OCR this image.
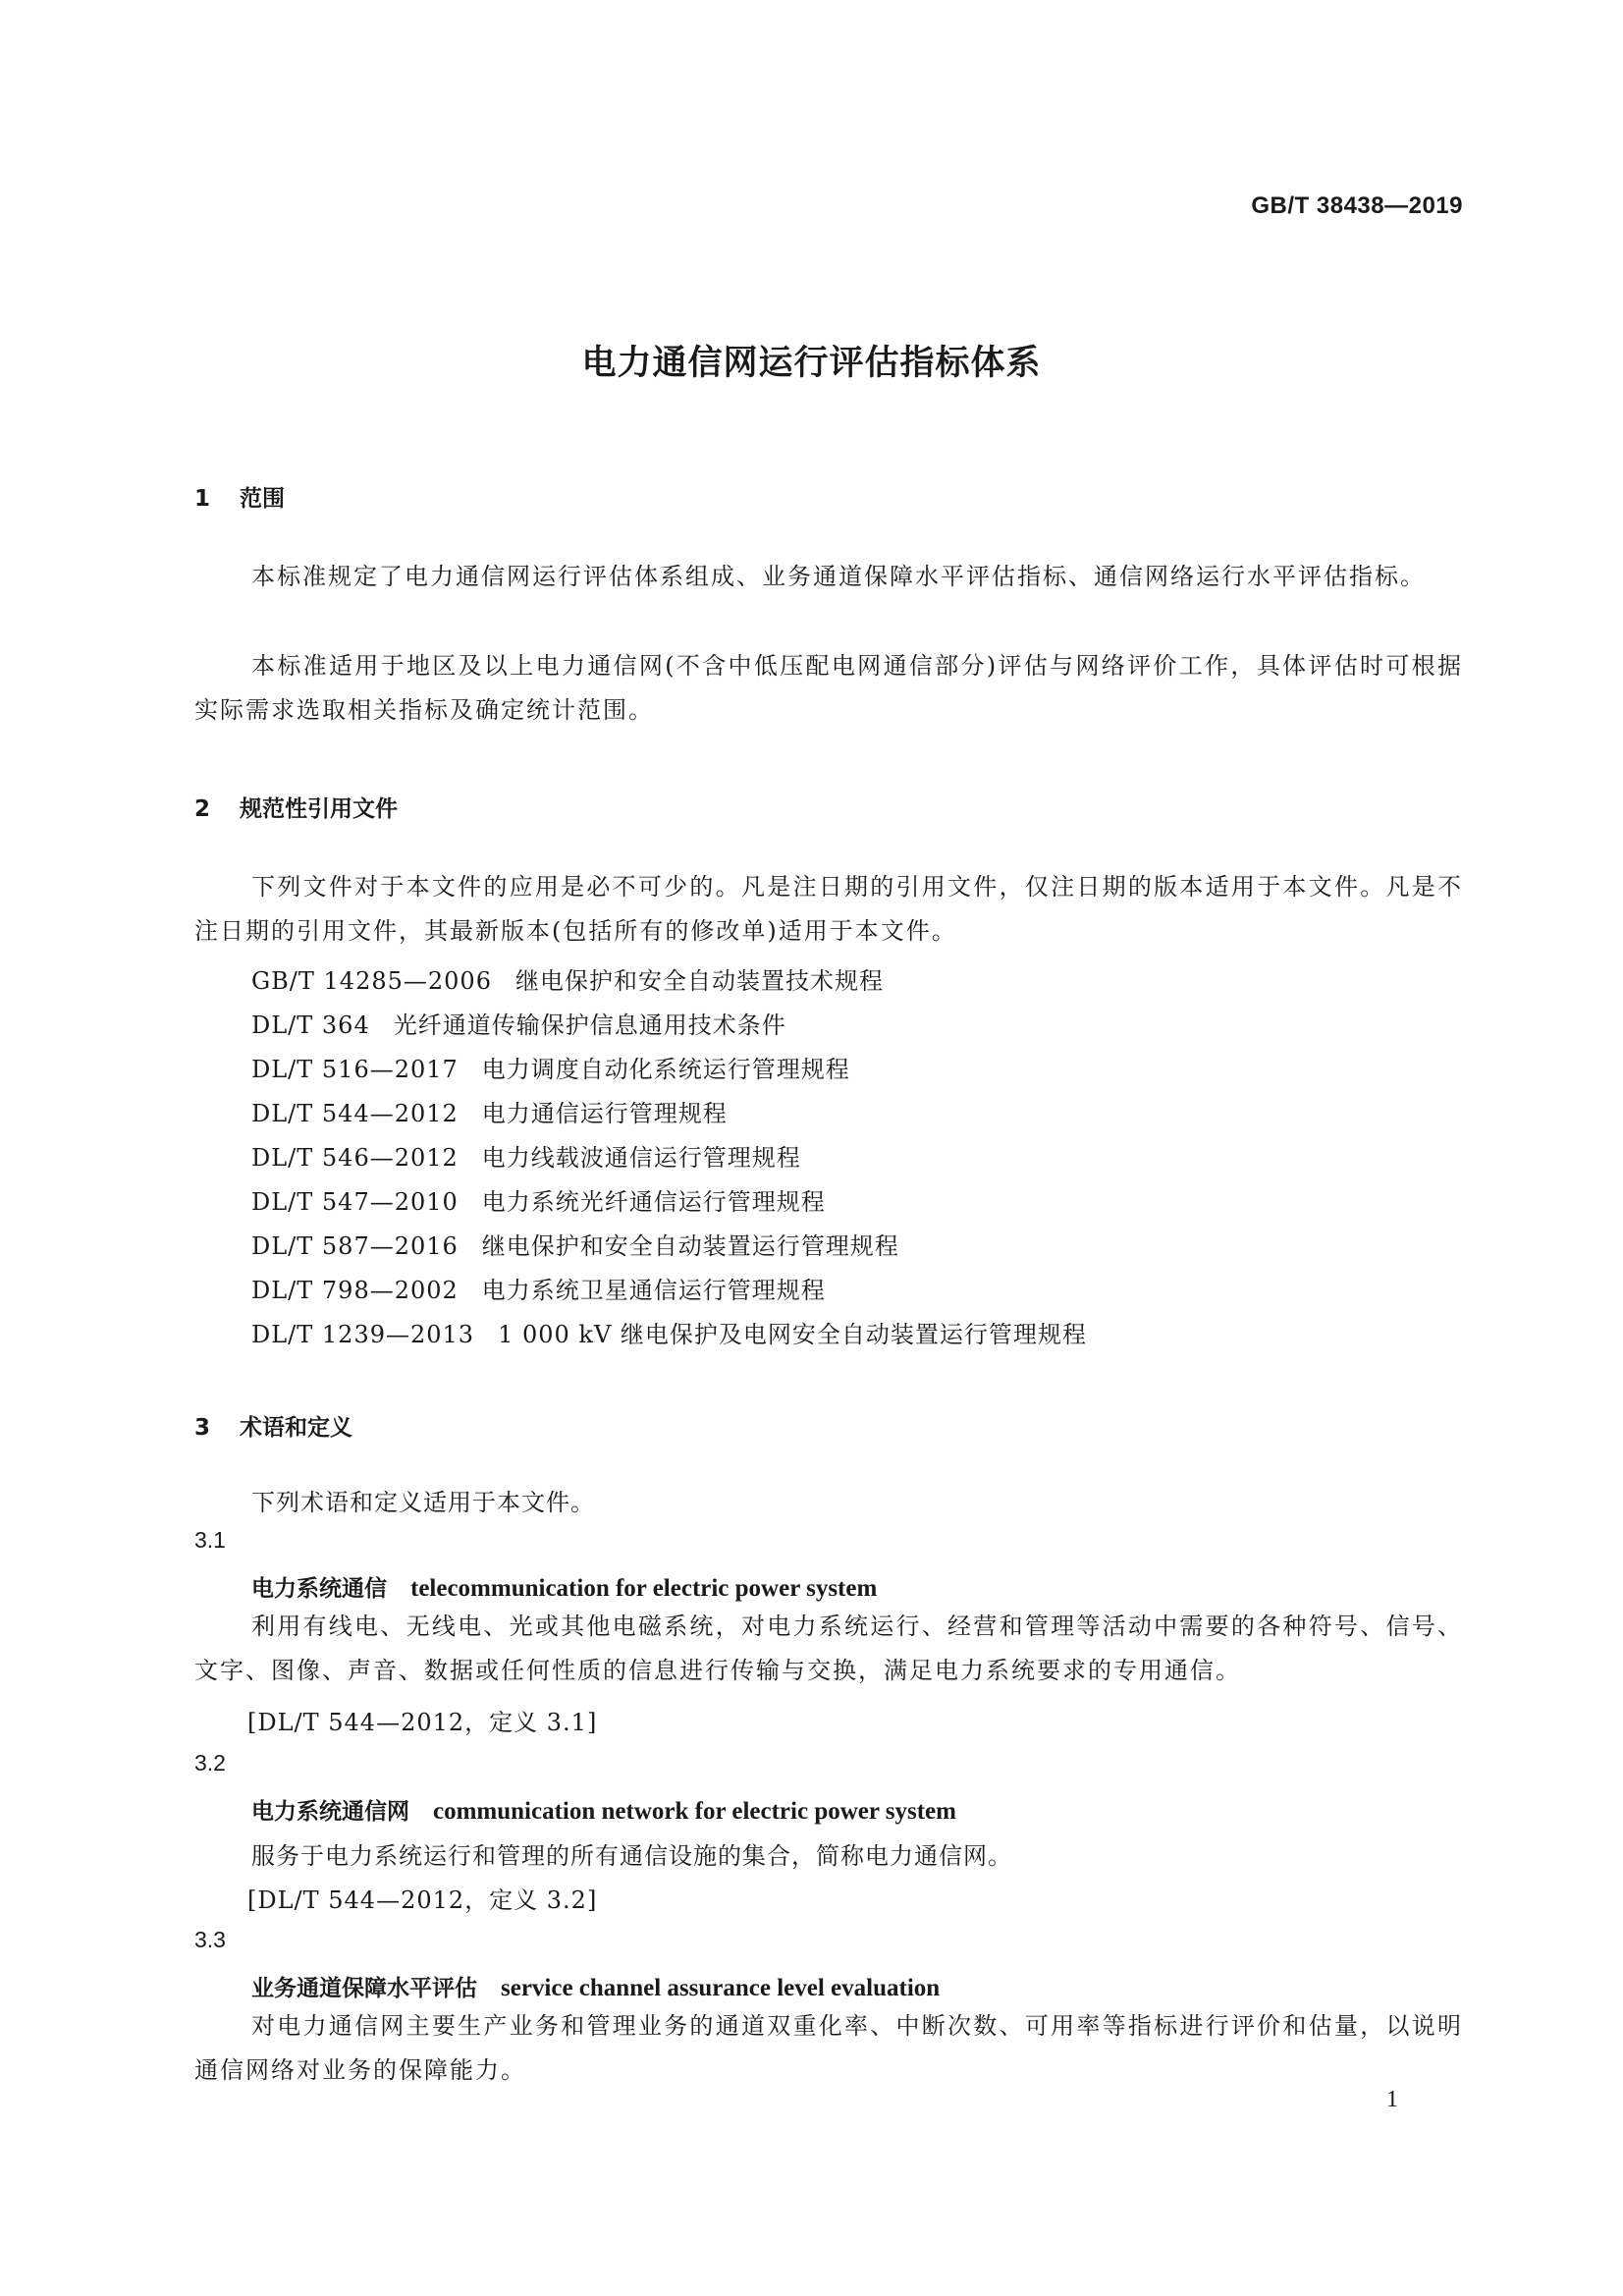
GB/T 38438—2019
电力通信网运行评估指标体系
1 范围
本标准规定了电力通信网运行评估体系组成、业务通道保障水平评估指标、通信网络运行水平评估指标。
本标准适用于地区及以上电力通信网(不含中低压配电网通信部分)评估与网络评价工作，具体评估时可根据实际需求选取相关指标及确定统计范围。
2 规范性引用文件
下列文件对于本文件的应用是必不可少的。凡是注日期的引用文件，仅注日期的版本适用于本文件。凡是不注日期的引用文件，其最新版本(包括所有的修改单)适用于本文件。
GB/T 14285—2006 继电保护和安全自动装置技术规程
DL/T 364 光纤通道传输保护信息通用技术条件
DL/T 516—2017 电力调度自动化系统运行管理规程
DL/T 544—2012 电力通信运行管理规程
DL/T 546—2012 电力线载波通信运行管理规程
DL/T 547—2010 电力系统光纤通信运行管理规程
DL/T 587—2016 继电保护和安全自动装置运行管理规程
DL/T 798—2002 电力系统卫星通信运行管理规程
DL/T 1239—2013 1 000 kV 继电保护及电网安全自动装置运行管理规程
3 术语和定义
下列术语和定义适用于本文件。
3.1
电力系统通信 telecommunication for electric power system
利用有线电、无线电、光或其他电磁系统，对电力系统运行、经营和管理等活动中需要的各种符号、信号、文字、图像、声音、数据或任何性质的信息进行传输与交换，满足电力系统要求的专用通信。
[DL/T 544—2012，定义 3.1]
3.2
电力系统通信网 communication network for electric power system
服务于电力系统运行和管理的所有通信设施的集合，简称电力通信网。
[DL/T 544—2012，定义 3.2]
3.3
业务通道保障水平评估 service channel assurance level evaluation
对电力通信网主要生产业务和管理业务的通道双重化率、中断次数、可用率等指标进行评价和估量，以说明通信网络对业务的保障能力。
1
